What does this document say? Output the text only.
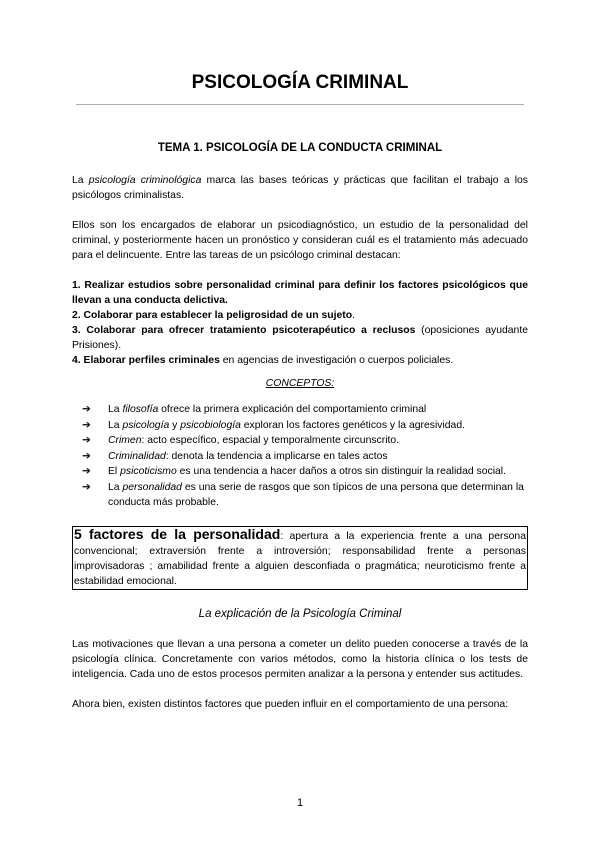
PSICOLOGÍA CRIMINAL
TEMA 1. PSICOLOGÍA DE LA CONDUCTA CRIMINAL

La psicología criminológica marca las bases teóricas y prácticas que facilitan el trabajo a los psicólogos criminalistas.

Ellos son los encargados de elaborar un psicodiagnóstico, un estudio de la personalidad del criminal, y posteriormente hacen un pronóstico y consideran cuál es el tratamiento más adecuado para el delincuente. Entre las tareas de un psicólogo criminal destacan:

1. Realizar estudios sobre personalidad criminal para definir los factores psicológicos que llevan a una conducta delictiva.

2. Colaborar para establecer la peligrosidad de un sujeto.

3. Colaborar para ofrecer tratamiento psicoterapéutico a reclusos (oposiciones ayudante Prisiones).

4. Elaborar perfiles criminales en agencias de investigación o cuerpos policiales.

CONCEPTOS:
➔ La filosofía ofrece la primera explicación del comportamiento criminal
➔ La psicología y psicobiología exploran los factores genéticos y la agresividad.
➔ Crimen: acto específico, espacial y temporalmente circunscrito.
➔ Criminalidad: denota la tendencia a implicarse en tales actos
➔ El psicoticismo es una tendencia a hacer daños a otros sin distinguir la realidad social.
➔ La personalidad es una serie de rasgos que son típicos de una persona que determinan la conducta más probable.
5 factores de la personalidad: apertura a la experiencia frente a una persona convencional; extraversión frente a introversión; responsabilidad frente a personas improvisadoras ; amabilidad frente a alguien desconfiada o pragmática; neuroticismo frente a estabilidad emocional.
La explicación de la Psicología Criminal

Las motivaciones que llevan a una persona a cometer un delito pueden conocerse a través de la psicología clínica. Concretamente con varios métodos, como la historia clínica o los tests de inteligencia. Cada uno de estos procesos permiten analizar a la persona y entender sus actitudes.

Ahora bien, existen distintos factores que pueden influir en el comportamiento de una persona:

1
